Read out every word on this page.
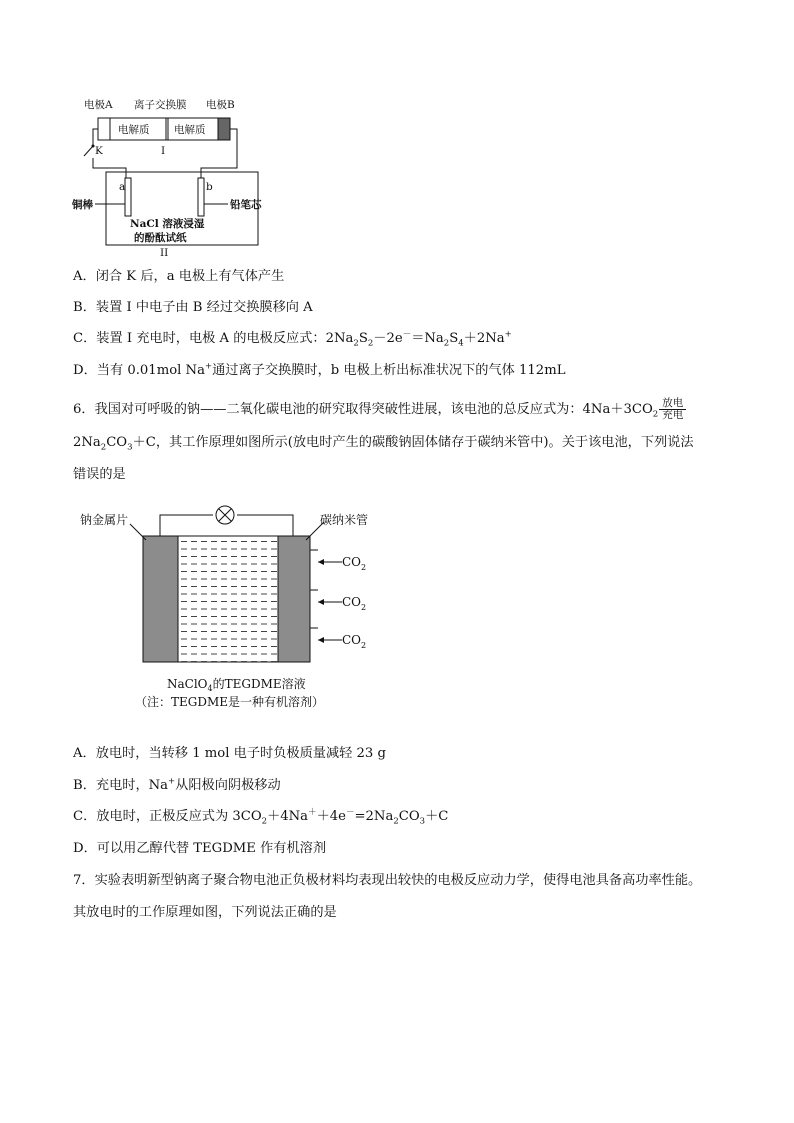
电极A 离子交换膜 电极B
电解质 电解质
I
K
铜棒	铅笔芯
a	b
NaCl 溶液浸湿
的酚酞试纸
II
A．闭合 K 后，a 电极上有气体产生
B．装置 I 中电子由 B 经过交换膜移向 A
C．装置 I 充电时，电极 A 的电极反应式：$2Na_2S_2-2e^-=Na_2S_4+2Na^+$
D．当有 0.01mol Na+通过离子交换膜时，b 电极上析出标准状况下的气体 112mL
6．我国对可呼吸的钠——二氧化碳电池的研究取得突破性进展，该电池的总反应式为：$4Na+3CO_2 \frac{\text{放电}}{\text{充电}}$
$2Na_2CO_3+C$，其工作原理如图所示(放电时产生的碳酸钠固体储存于碳纳米管中)。关于该电池，下列说法
错误的是
钠金属片	碳纳米管
$CO_2$
$CO_2$
$CO_2$
NaClO$_4$的TEGDME溶液
（注：TEGDME是一种有机溶剂）
A．放电时，当转移 1 mol 电子时负极质量减轻 23 g
B．充电时，Na+从阳极向阴极移动
C．放电时，正极反应式为 $3CO_2+4Na^++4e^-=2Na_2CO_3+C$
D．可以用乙醇代替 TEGDME 作有机溶剂
7．实验表明新型钠离子聚合物电池正负极材料均表现出较快的电极反应动力学，使得电池具备高功率性能。
其放电时的工作原理如图，下列说法正确的是
